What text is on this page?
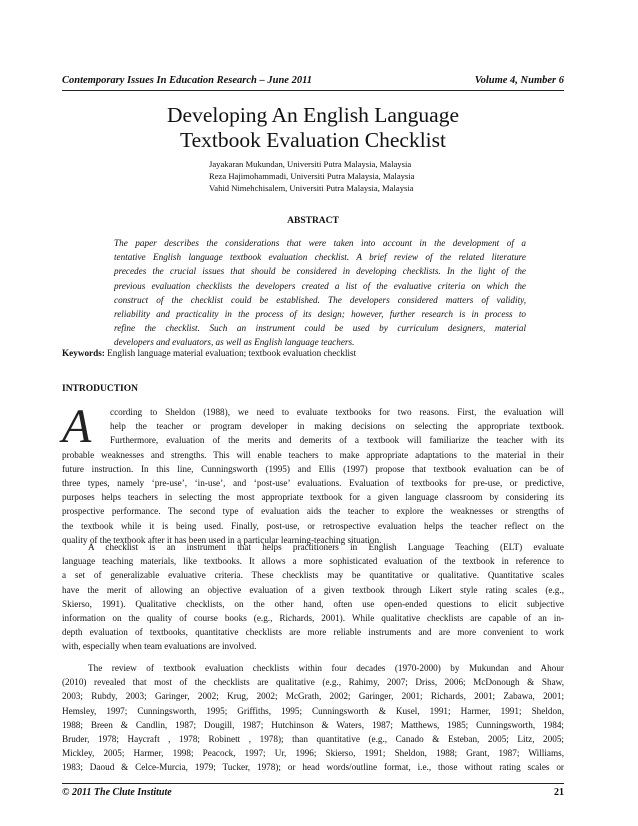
Contemporary Issues In Education Research – June 2011	Volume 4, Number 6
Developing An English Language
Textbook Evaluation Checklist
Jayakaran Mukundan, Universiti Putra Malaysia, Malaysia
Reza Hajimohammadi, Universiti Putra Malaysia, Malaysia
Vahid Nimehchisalem, Universiti Putra Malaysia, Malaysia
ABSTRACT
The paper describes the considerations that were taken into account in the development of a
tentative English language textbook evaluation checklist. A brief review of the related literature
precedes the crucial issues that should be considered in developing checklists. In the light of the
previous evaluation checklists the developers created a list of the evaluative criteria on which the
construct of the checklist could be established. The developers considered matters of validity,
reliability and practicality in the process of its design; however, further research is in process to
refine the checklist. Such an instrument could be used by curriculum designers, material
developers and evaluators, as well as English language teachers.
Keywords: English language material evaluation; textbook evaluation checklist
INTRODUCTION
A	ccording to Sheldon (1988), we need to evaluate textbooks for two reasons. First, the evaluation will
help the teacher or program developer in making decisions on selecting the appropriate textbook.
Furthermore, evaluation of the merits and demerits of a textbook will familiarize the teacher with its
probable weaknesses and strengths. This will enable teachers to make appropriate adaptations to the material in their
future instruction. In this line, Cunningsworth (1995) and Ellis (1997) propose that textbook evaluation can be of
three types, namely ‘pre-use’, ‘in-use’, and ‘post-use’ evaluations. Evaluation of textbooks for pre-use, or predictive,
purposes helps teachers in selecting the most appropriate textbook for a given language classroom by considering its
prospective performance. The second type of evaluation aids the teacher to explore the weaknesses or strengths of
the textbook while it is being used. Finally, post-use, or retrospective evaluation helps the teacher reflect on the
quality of the textbook after it has been used in a particular learning-teaching situation.
A checklist is an instrument that helps practitioners in English Language Teaching (ELT) evaluate
language teaching materials, like textbooks. It allows a more sophisticated evaluation of the textbook in reference to
a set of generalizable evaluative criteria. These checklists may be quantitative or qualitative. Quantitative scales
have the merit of allowing an objective evaluation of a given textbook through Likert style rating scales (e.g.,
Skierso, 1991). Qualitative checklists, on the other hand, often use open-ended questions to elicit subjective
information on the quality of course books (e.g., Richards, 2001). While qualitative checklists are capable of an in-
depth evaluation of textbooks, quantitative checklists are more reliable instruments and are more convenient to work
with, especially when team evaluations are involved.
The review of textbook evaluation checklists within four decades (1970-2000) by Mukundan and Ahour
(2010) revealed that most of the checklists are qualitative (e.g., Rahimy, 2007; Driss, 2006; McDonough & Shaw,
2003; Rubdy, 2003; Garinger, 2002; Krug, 2002; McGrath, 2002; Garinger, 2001; Richards, 2001; Zabawa, 2001;
Hemsley, 1997; Cunningsworth, 1995; Griffiths, 1995; Cunningsworth & Kusel, 1991; Harmer, 1991; Sheldon,
1988; Breen & Candlin, 1987; Dougill, 1987; Hutchinson & Waters, 1987; Matthews, 1985; Cunningsworth, 1984;
Bruder, 1978; Haycraft , 1978; Robinett , 1978); than quantitative (e.g., Canado & Esteban, 2005; Litz, 2005;
Mickley, 2005; Harmer, 1998; Peacock, 1997; Ur, 1996; Skierso, 1991; Sheldon, 1988; Grant, 1987; Williams,
1983; Daoud & Celce-Murcia, 1979; Tucker, 1978); or head words/outline format, i.e., those without rating scales or
© 2011 The Clute Institute	21
